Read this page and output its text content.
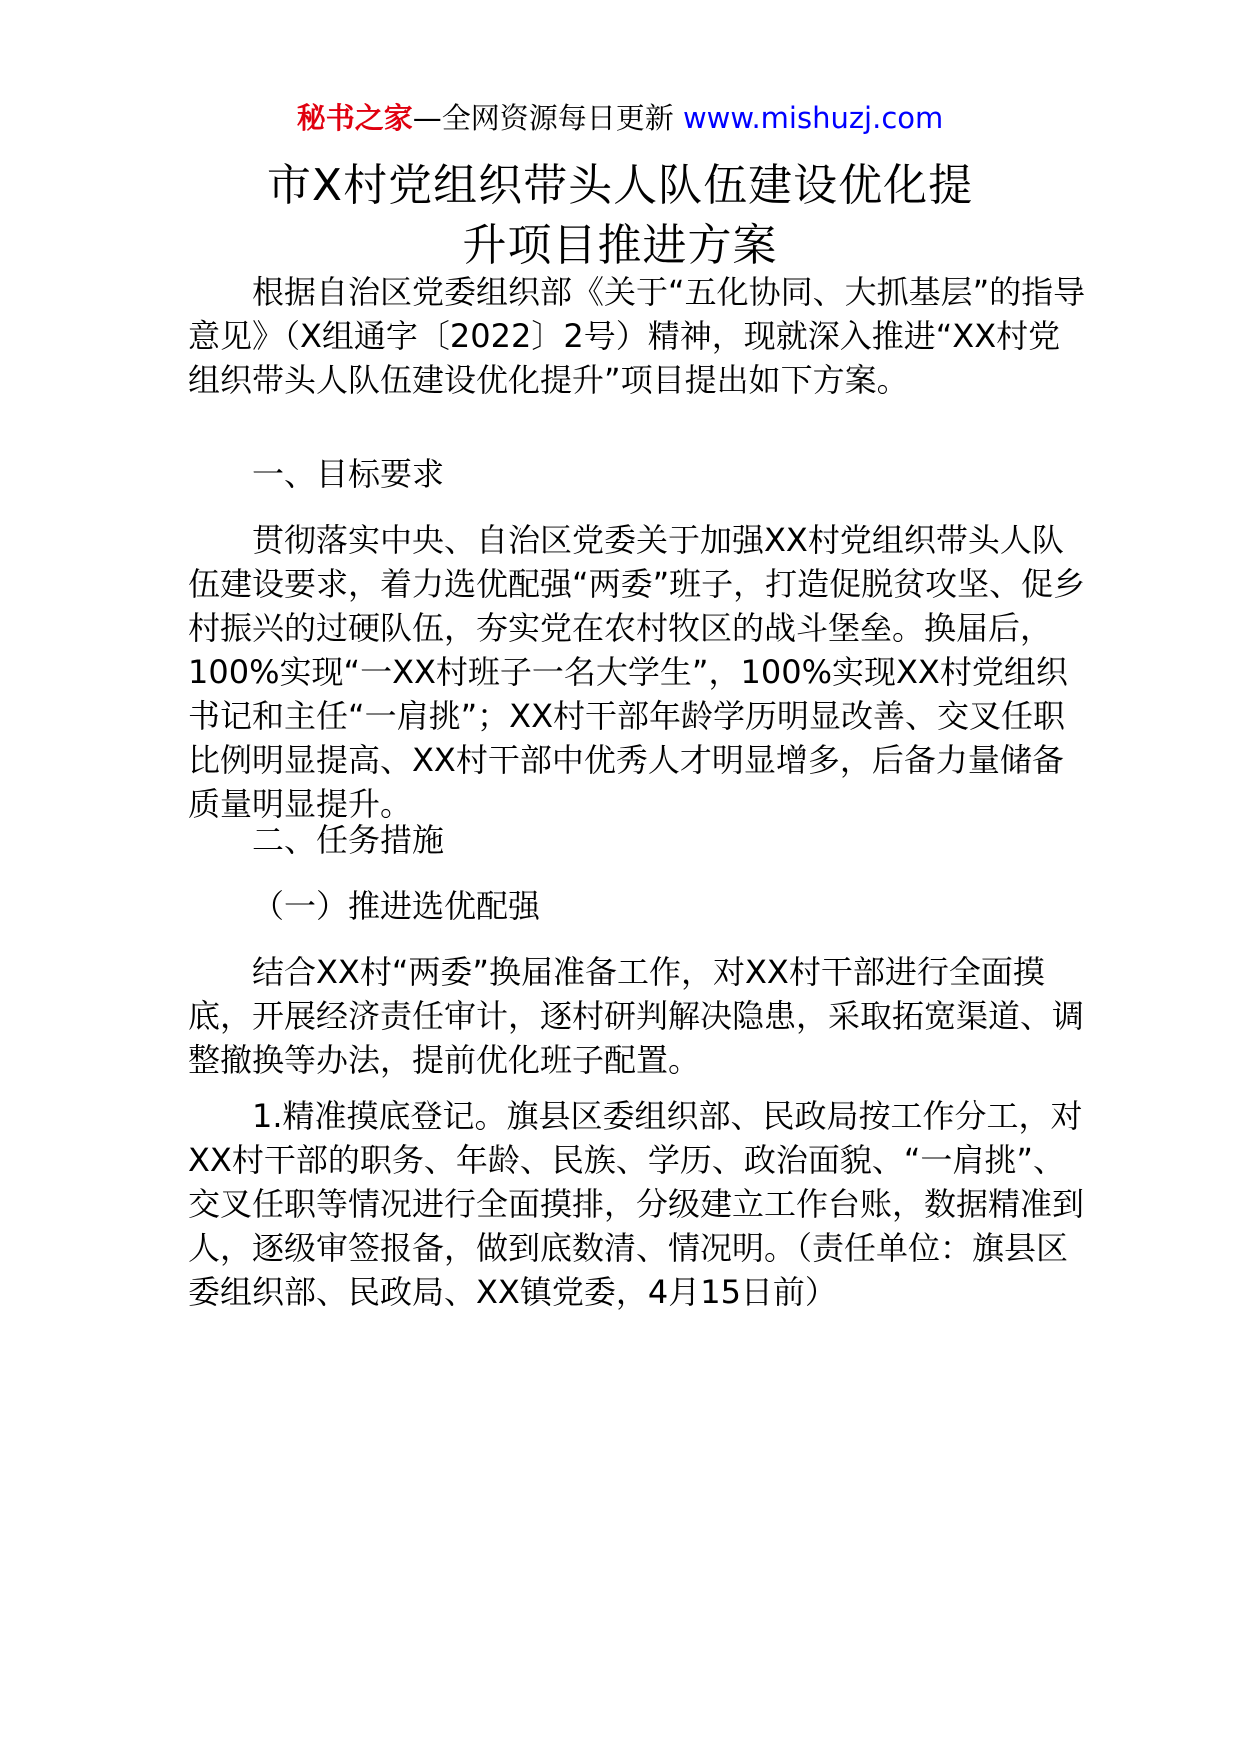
秘书之家—全网资源每日更新 www.mishuzj.com
市X村党组织带头人队伍建设优化提
升项目推进方案

根据自治区党委组织部《关于“五化协同、大抓基层”的指导意见》（X组通字〔2022〕2号）精神，现就深入推进“XX村党组织带头人队伍建设优化提升”项目提出如下方案。

一、目标要求

贯彻落实中央、自治区党委关于加强XX村党组织带头人队伍建设要求，着力选优配强“两委”班子，打造促脱贫攻坚、促乡村振兴的过硬队伍，夯实党在农村牧区的战斗堡垒。换届后，100%实现“一XX村班子一名大学生”，100%实现XX村党组织书记和主任“一肩挑”；XX村干部年龄学历明显改善、交叉任职比例明显提高、XX村干部中优秀人才明显增多，后备力量储备质量明显提升。

二、任务措施

（一）推进选优配强

结合XX村“两委”换届准备工作，对XX村干部进行全面摸底，开展经济责任审计，逐村研判解决隐患，采取拓宽渠道、调整撤换等办法，提前优化班子配置。

1.精准摸底登记。旗县区委组织部、民政局按工作分工，对XX村干部的职务、年龄、民族、学历、政治面貌、“一肩挑”、交叉任职等情况进行全面摸排，分级建立工作台账，数据精准到人，逐级审签报备，做到底数清、情况明。（责任单位：旗县区委组织部、民政局、XX镇党委，4月15日前）
